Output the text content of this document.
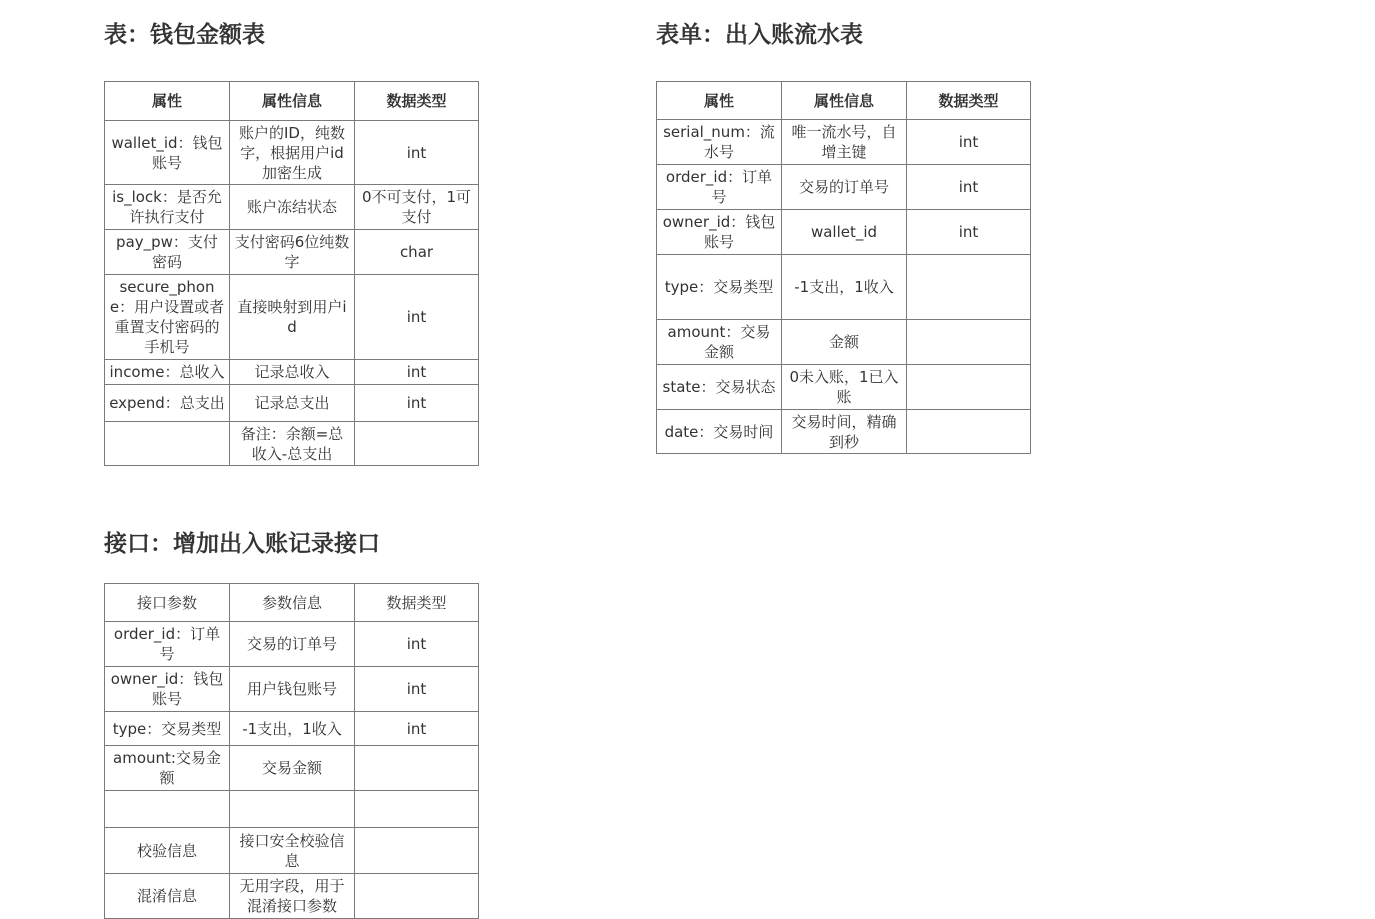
表：钱包金额表
属性	属性信息	数据类型
wallet_id：钱包账号	账户的ID，纯数字，根据用户id加密生成	int
is_lock：是否允许执行支付	账户冻结状态	0不可支付，1可支付
pay_pw：支付密码	支付密码6位纯数字	char
secure_phone：用户设置或者重置支付密码的手机号	直接映射到用户id	int
income：总收入	记录总收入	int
expend：总支出	记录总支出	int
	备注：余额=总收入-总支出	
表单：出入账流水表
属性	属性信息	数据类型
serial_num：流水号	唯一流水号，自增主键	int
order_id：订单号	交易的订单号	int
owner_id：钱包账号	wallet_id	int
type：交易类型	-1支出，1收入	
amount：交易金额	金额	
state：交易状态	0未入账，1已入账	
date：交易时间	交易时间，精确到秒	
接口：增加出入账记录接口
接口参数	参数信息	数据类型
order_id：订单号	交易的订单号	int
owner_id：钱包账号	用户钱包账号	int
type：交易类型	-1支出，1收入	int
amount:交易金额	交易金额	

校验信息	接口安全校验信息	
混淆信息	无用字段，用于混淆接口参数	
